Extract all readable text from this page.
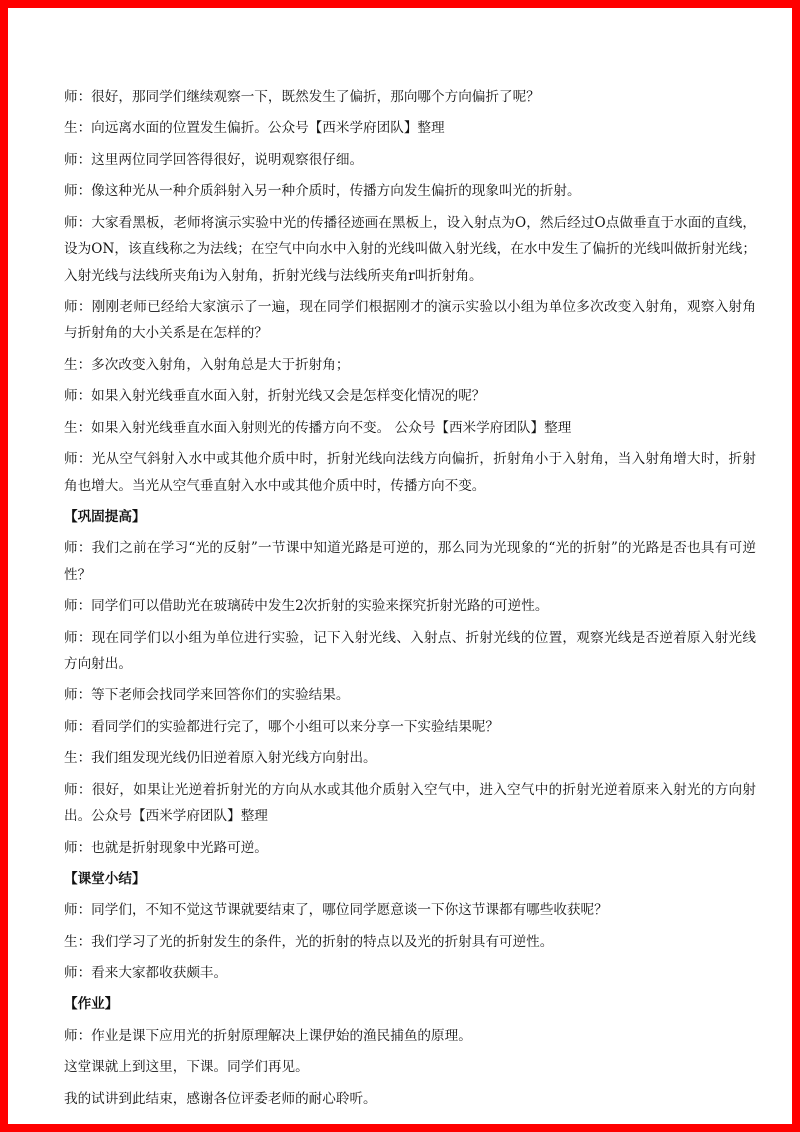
师：很好，那同学们继续观察一下，既然发生了偏折，那向哪个方向偏折了呢？

生：向远离水面的位置发生偏折。公众号【西米学府团队】整理

师：这里两位同学回答得很好，说明观察很仔细。

师：像这种光从一种介质斜射入另一种介质时，传播方向发生偏折的现象叫光的折射。

师：大家看黑板，老师将演示实验中光的传播径迹画在黑板上，设入射点为O，然后经过O点做垂直于水面的直线，设为ON，该直线称之为法线；在空气中向水中入射的光线叫做入射光线，在水中发生了偏折的光线叫做折射光线；入射光线与法线所夹角i为入射角，折射光线与法线所夹角r叫折射角。

师：刚刚老师已经给大家演示了一遍，现在同学们根据刚才的演示实验以小组为单位多次改变入射角，观察入射角与折射角的大小关系是在怎样的？

生：多次改变入射角，入射角总是大于折射角；

师：如果入射光线垂直水面入射，折射光线又会是怎样变化情况的呢？

生：如果入射光线垂直水面入射则光的传播方向不变。 公众号【西米学府团队】整理

师：光从空气斜射入水中或其他介质中时，折射光线向法线方向偏折，折射角小于入射角，当入射角增大时，折射角也增大。当光从空气垂直射入水中或其他介质中时，传播方向不变。

【巩固提高】

师：我们之前在学习“光的反射”一节课中知道光路是可逆的，那么同为光现象的“光的折射”的光路是否也具有可逆性？

师：同学们可以借助光在玻璃砖中发生2次折射的实验来探究折射光路的可逆性。

师：现在同学们以小组为单位进行实验，记下入射光线、入射点、折射光线的位置，观察光线是否逆着原入射光线方向射出。

师：等下老师会找同学来回答你们的实验结果。

师：看同学们的实验都进行完了，哪个小组可以来分享一下实验结果呢？

生：我们组发现光线仍旧逆着原入射光线方向射出。

师：很好，如果让光逆着折射光的方向从水或其他介质射入空气中，进入空气中的折射光逆着原来入射光的方向射出。公众号【西米学府团队】整理

师：也就是折射现象中光路可逆。

【课堂小结】

师：同学们，不知不觉这节课就要结束了，哪位同学愿意谈一下你这节课都有哪些收获呢？

生：我们学习了光的折射发生的条件，光的折射的特点以及光的折射具有可逆性。

师：看来大家都收获颇丰。

【作业】

师：作业是课下应用光的折射原理解决上课伊始的渔民捕鱼的原理。

这堂课就上到这里，下课。同学们再见。

我的试讲到此结束，感谢各位评委老师的耐心聆听。
